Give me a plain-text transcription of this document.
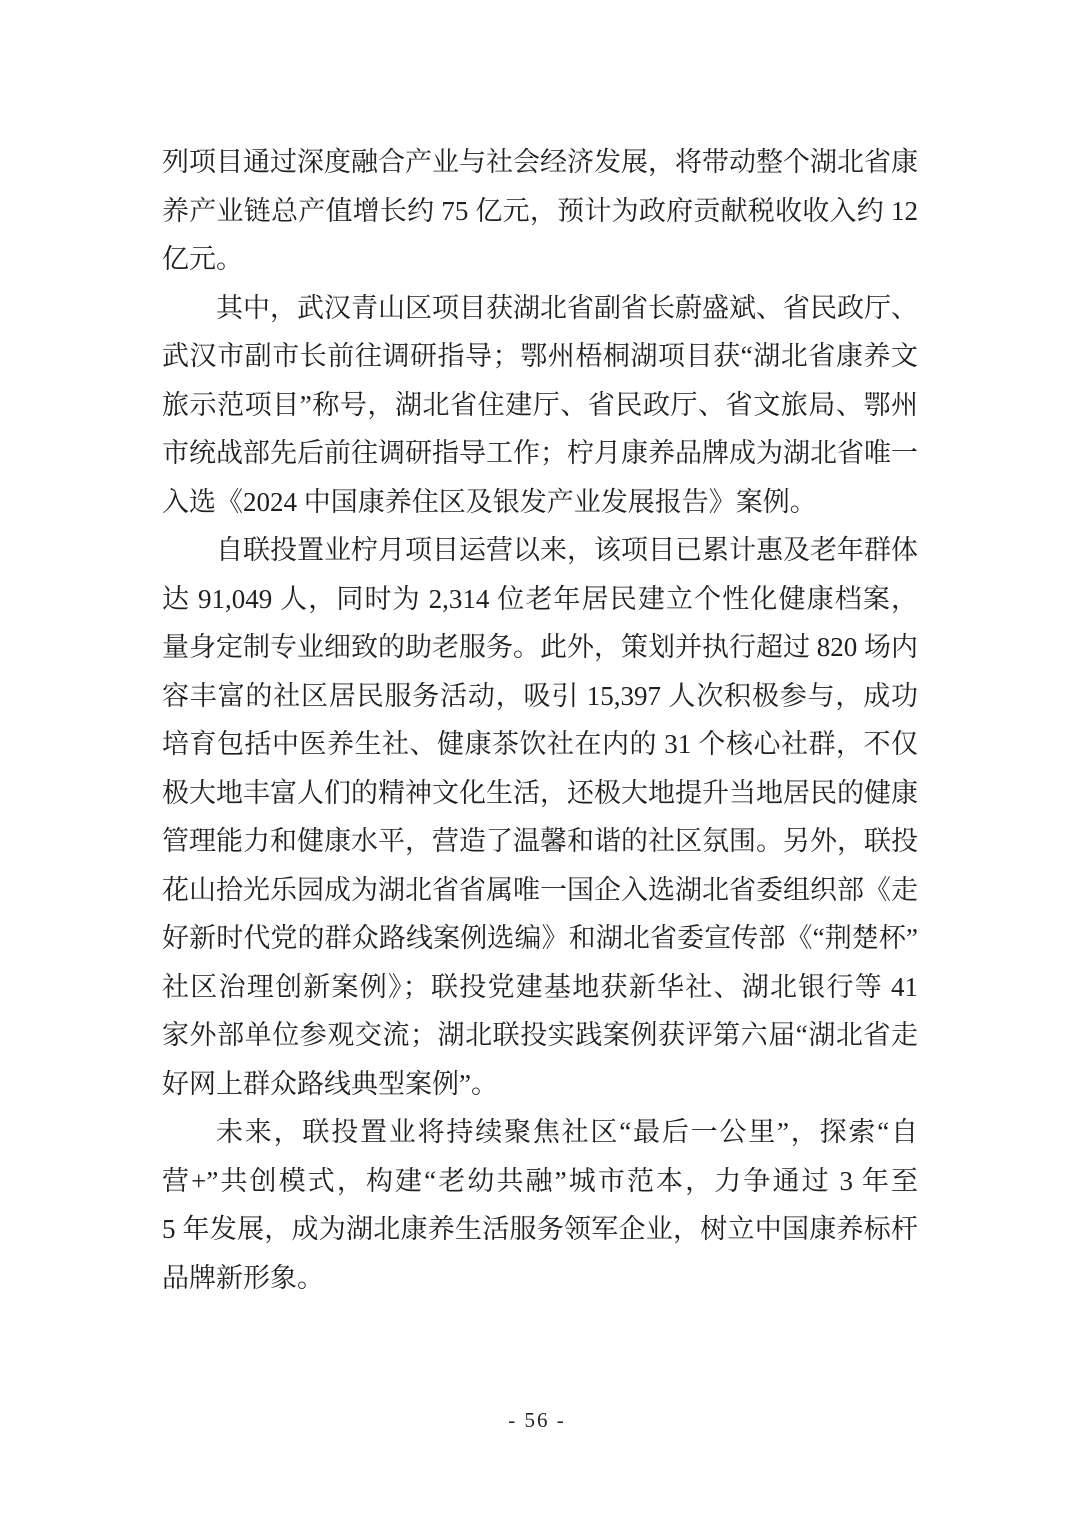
列项目通过深度融合产业与社会经济发展，将带动整个湖北省康
养产业链总产值增长约 75 亿元，预计为政府贡献税收收入约 12
亿元。
其中，武汉青山区项目获湖北省副省长蔚盛斌、省民政厅、
武汉市副市长前往调研指导；鄂州梧桐湖项目获“湖北省康养文
旅示范项目”称号，湖北省住建厅、省民政厅、省文旅局、鄂州
市统战部先后前往调研指导工作；柠月康养品牌成为湖北省唯一
入选《2024 中国康养住区及银发产业发展报告》案例。
自联投置业柠月项目运营以来，该项目已累计惠及老年群体
达 91,049 人，同时为 2,314 位老年居民建立个性化健康档案，
量身定制专业细致的助老服务。此外，策划并执行超过 820 场内
容丰富的社区居民服务活动，吸引 15,397 人次积极参与，成功
培育包括中医养生社、健康茶饮社在内的 31 个核心社群，不仅
极大地丰富人们的精神文化生活，还极大地提升当地居民的健康
管理能力和健康水平，营造了温馨和谐的社区氛围。另外，联投
花山拾光乐园成为湖北省省属唯一国企入选湖北省委组织部《走
好新时代党的群众路线案例选编》和湖北省委宣传部《“荆楚杯”
社区治理创新案例》；联投党建基地获新华社、湖北银行等 41
家外部单位参观交流；湖北联投实践案例获评第六届“湖北省走
好网上群众路线典型案例”。
未来，联投置业将持续聚焦社区“最后一公里”，探索“自
营+”共创模式，构建“老幼共融”城市范本，力争通过 3 年至
5 年发展，成为湖北康养生活服务领军企业，树立中国康养标杆
品牌新形象。
- 56 -
